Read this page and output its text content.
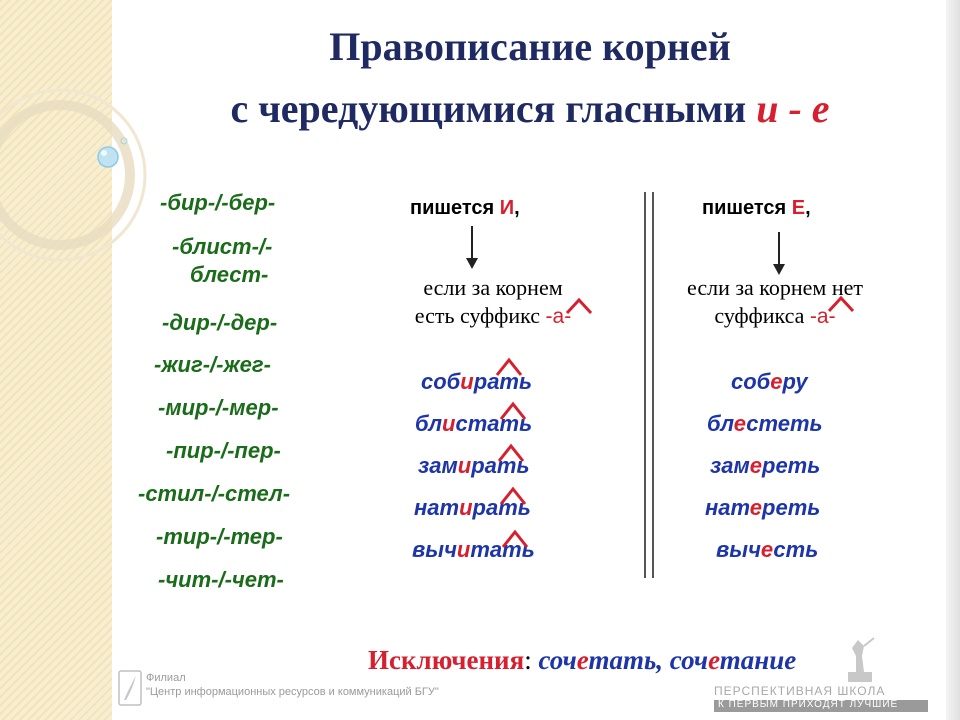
Правописание корней
с чередующимися гласными и - е
-бир-/-бер-
-блист-/-
блест-
-дир-/-дер-
-жиг-/-жег-
-мир-/-мер-
-пир-/-пер-
-стил-/-стел-
-тир-/-тер-
-чит-/-чет-
пишется И,
если за корнем
есть суффикс -а-
собирать
блистать
замирать
натирать
вычитать
пишется Е,
если за корнем нет
суффикса -а-
соберу
блестеть
замереть
натереть
вычесть
Исключения: сочетать, сочетание
Филиал
"Центр информационных ресурсов и коммуникаций БГУ"	ПЕРСПЕКТИВНАЯ ШКОЛА
К ПЕРВЫМ ПРИХОДЯТ ЛУЧШИЕ
